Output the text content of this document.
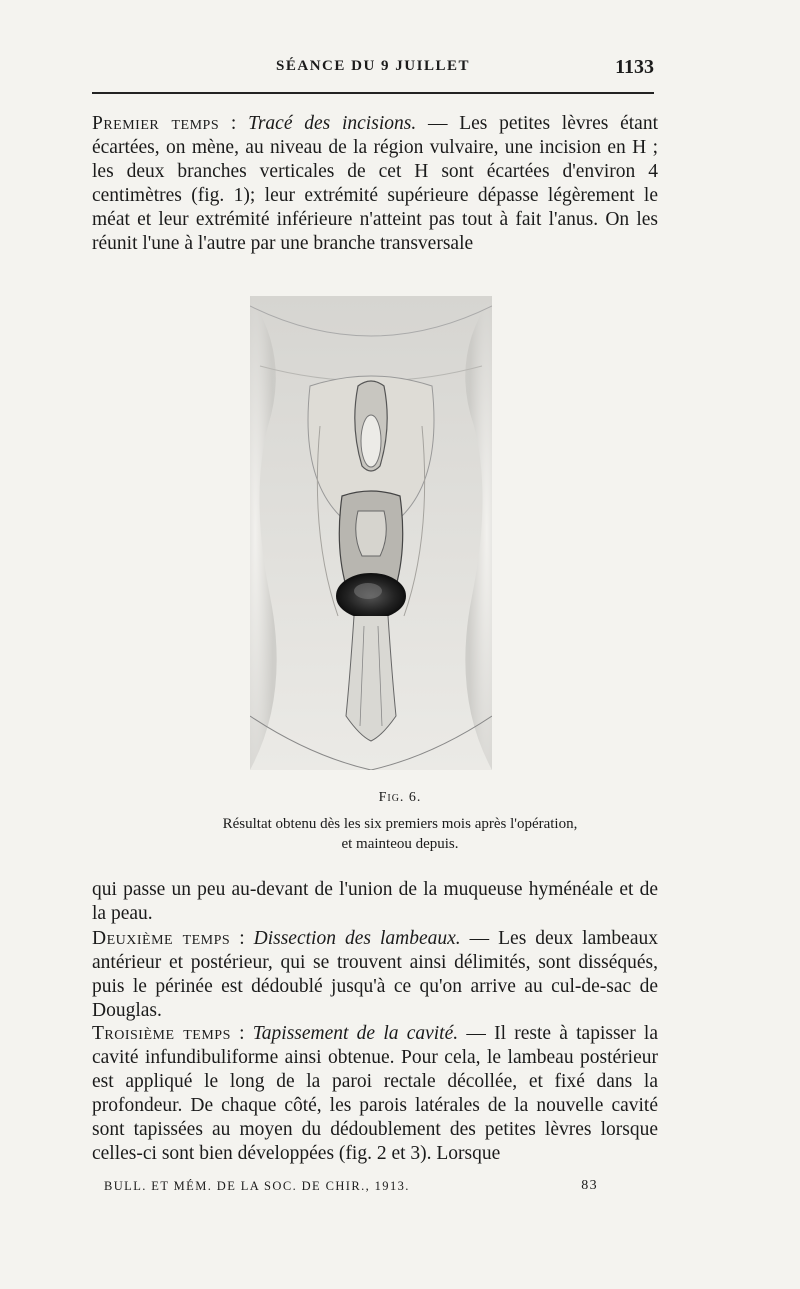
SÉANCE DU 9 JUILLET	1133

Premier temps : Tracé des incisions. — Les petites lèvres étant écartées, on mène, au niveau de la région vulvaire, une incision en H ; les deux branches verticales de cet H sont écartées d'environ 4 centimètres (fig. 1); leur extrémité supérieure dépasse légèrement le méat et leur extrémité inférieure n'atteint pas tout à fait l'anus. On les réunit l'une à l'autre par une branche transversale

Fig. 6.
Résultat obtenu dès les six premiers mois après l'opération,
et mainteou depuis.

qui passe un peu au-devant de l'union de la muqueuse hyménéale et de la peau.

Deuxième temps : Dissection des lambeaux. — Les deux lambeaux antérieur et postérieur, qui se trouvent ainsi délimités, sont disséqués, puis le périnée est dédoublé jusqu'à ce qu'on arrive au cul-de-sac de Douglas.

Troisième temps : Tapissement de la cavité. — Il reste à tapisser la cavité infundibuliforme ainsi obtenue. Pour cela, le lambeau postérieur est appliqué le long de la paroi rectale décollée, et fixé dans la profondeur. De chaque côté, les parois latérales de la nouvelle cavité sont tapissées au moyen du dédoublement des petites lèvres lorsque celles-ci sont bien développées (fig. 2 et 3). Lorsque

BULL. ET MÉM. DE LA SOC. DE CHIR., 1913.	83
